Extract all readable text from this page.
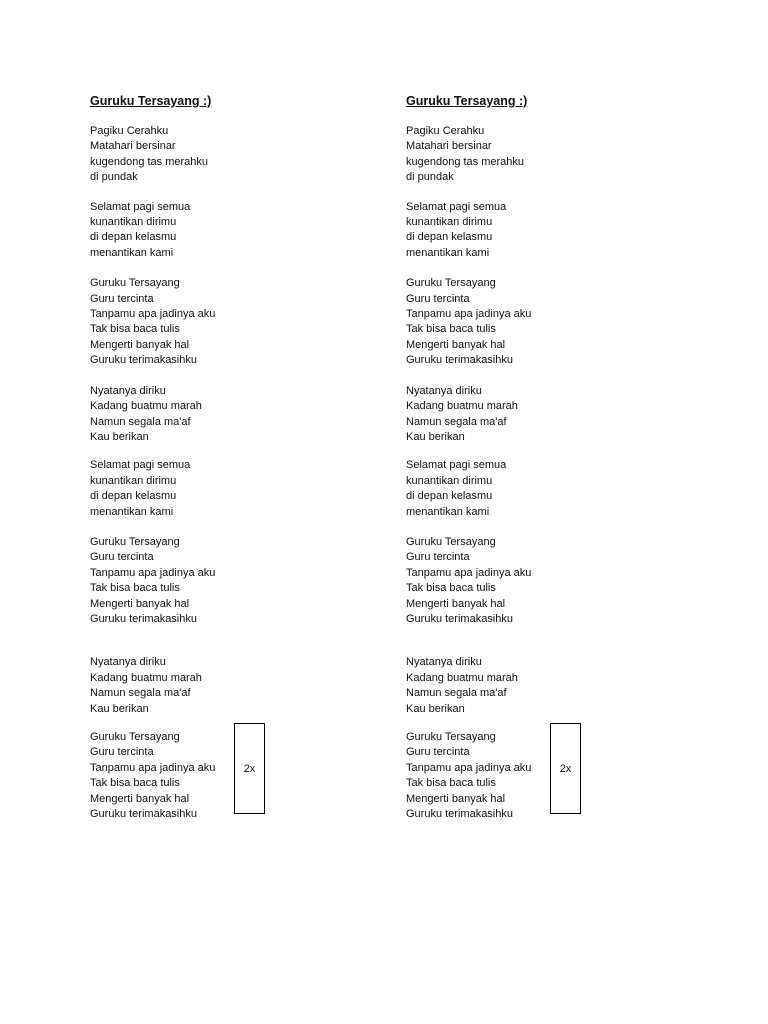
Guruku Tersayang :)
Pagiku Cerahku
Matahari bersinar
kugendong tas merahku
di pundak
Selamat pagi semua
kunantikan dirimu
di depan kelasmu
menantikan kami
Guruku Tersayang
Guru tercinta
Tanpamu apa jadinya aku
Tak bisa baca tulis
Mengerti banyak hal
Guruku terimakasihku
Nyatanya diriku
Kadang buatmu marah
Namun segala ma'af
Kau berikan
Selamat pagi semua
kunantikan dirimu
di depan kelasmu
menantikan kami
Guruku Tersayang
Guru tercinta
Tanpamu apa jadinya aku
Tak bisa baca tulis
Mengerti banyak hal
Guruku terimakasihku
Nyatanya diriku
Kadang buatmu marah
Namun segala ma'af
Kau berikan
Guruku Tersayang
Guru tercinta
Tanpamu apa jadinya aku
Tak bisa baca tulis
Mengerti banyak hal
Guruku terimakasihku
2x
Guruku Tersayang :)
Pagiku Cerahku
Matahari bersinar
kugendong tas merahku
di pundak
Selamat pagi semua
kunantikan dirimu
di depan kelasmu
menantikan kami
Guruku Tersayang
Guru tercinta
Tanpamu apa jadinya aku
Tak bisa baca tulis
Mengerti banyak hal
Guruku terimakasihku
Nyatanya diriku
Kadang buatmu marah
Namun segala ma'af
Kau berikan
Selamat pagi semua
kunantikan dirimu
di depan kelasmu
menantikan kami
Guruku Tersayang
Guru tercinta
Tanpamu apa jadinya aku
Tak bisa baca tulis
Mengerti banyak hal
Guruku terimakasihku
Nyatanya diriku
Kadang buatmu marah
Namun segala ma'af
Kau berikan
Guruku Tersayang
Guru tercinta
Tanpamu apa jadinya aku
Tak bisa baca tulis
Mengerti banyak hal
Guruku terimakasihku
2x
